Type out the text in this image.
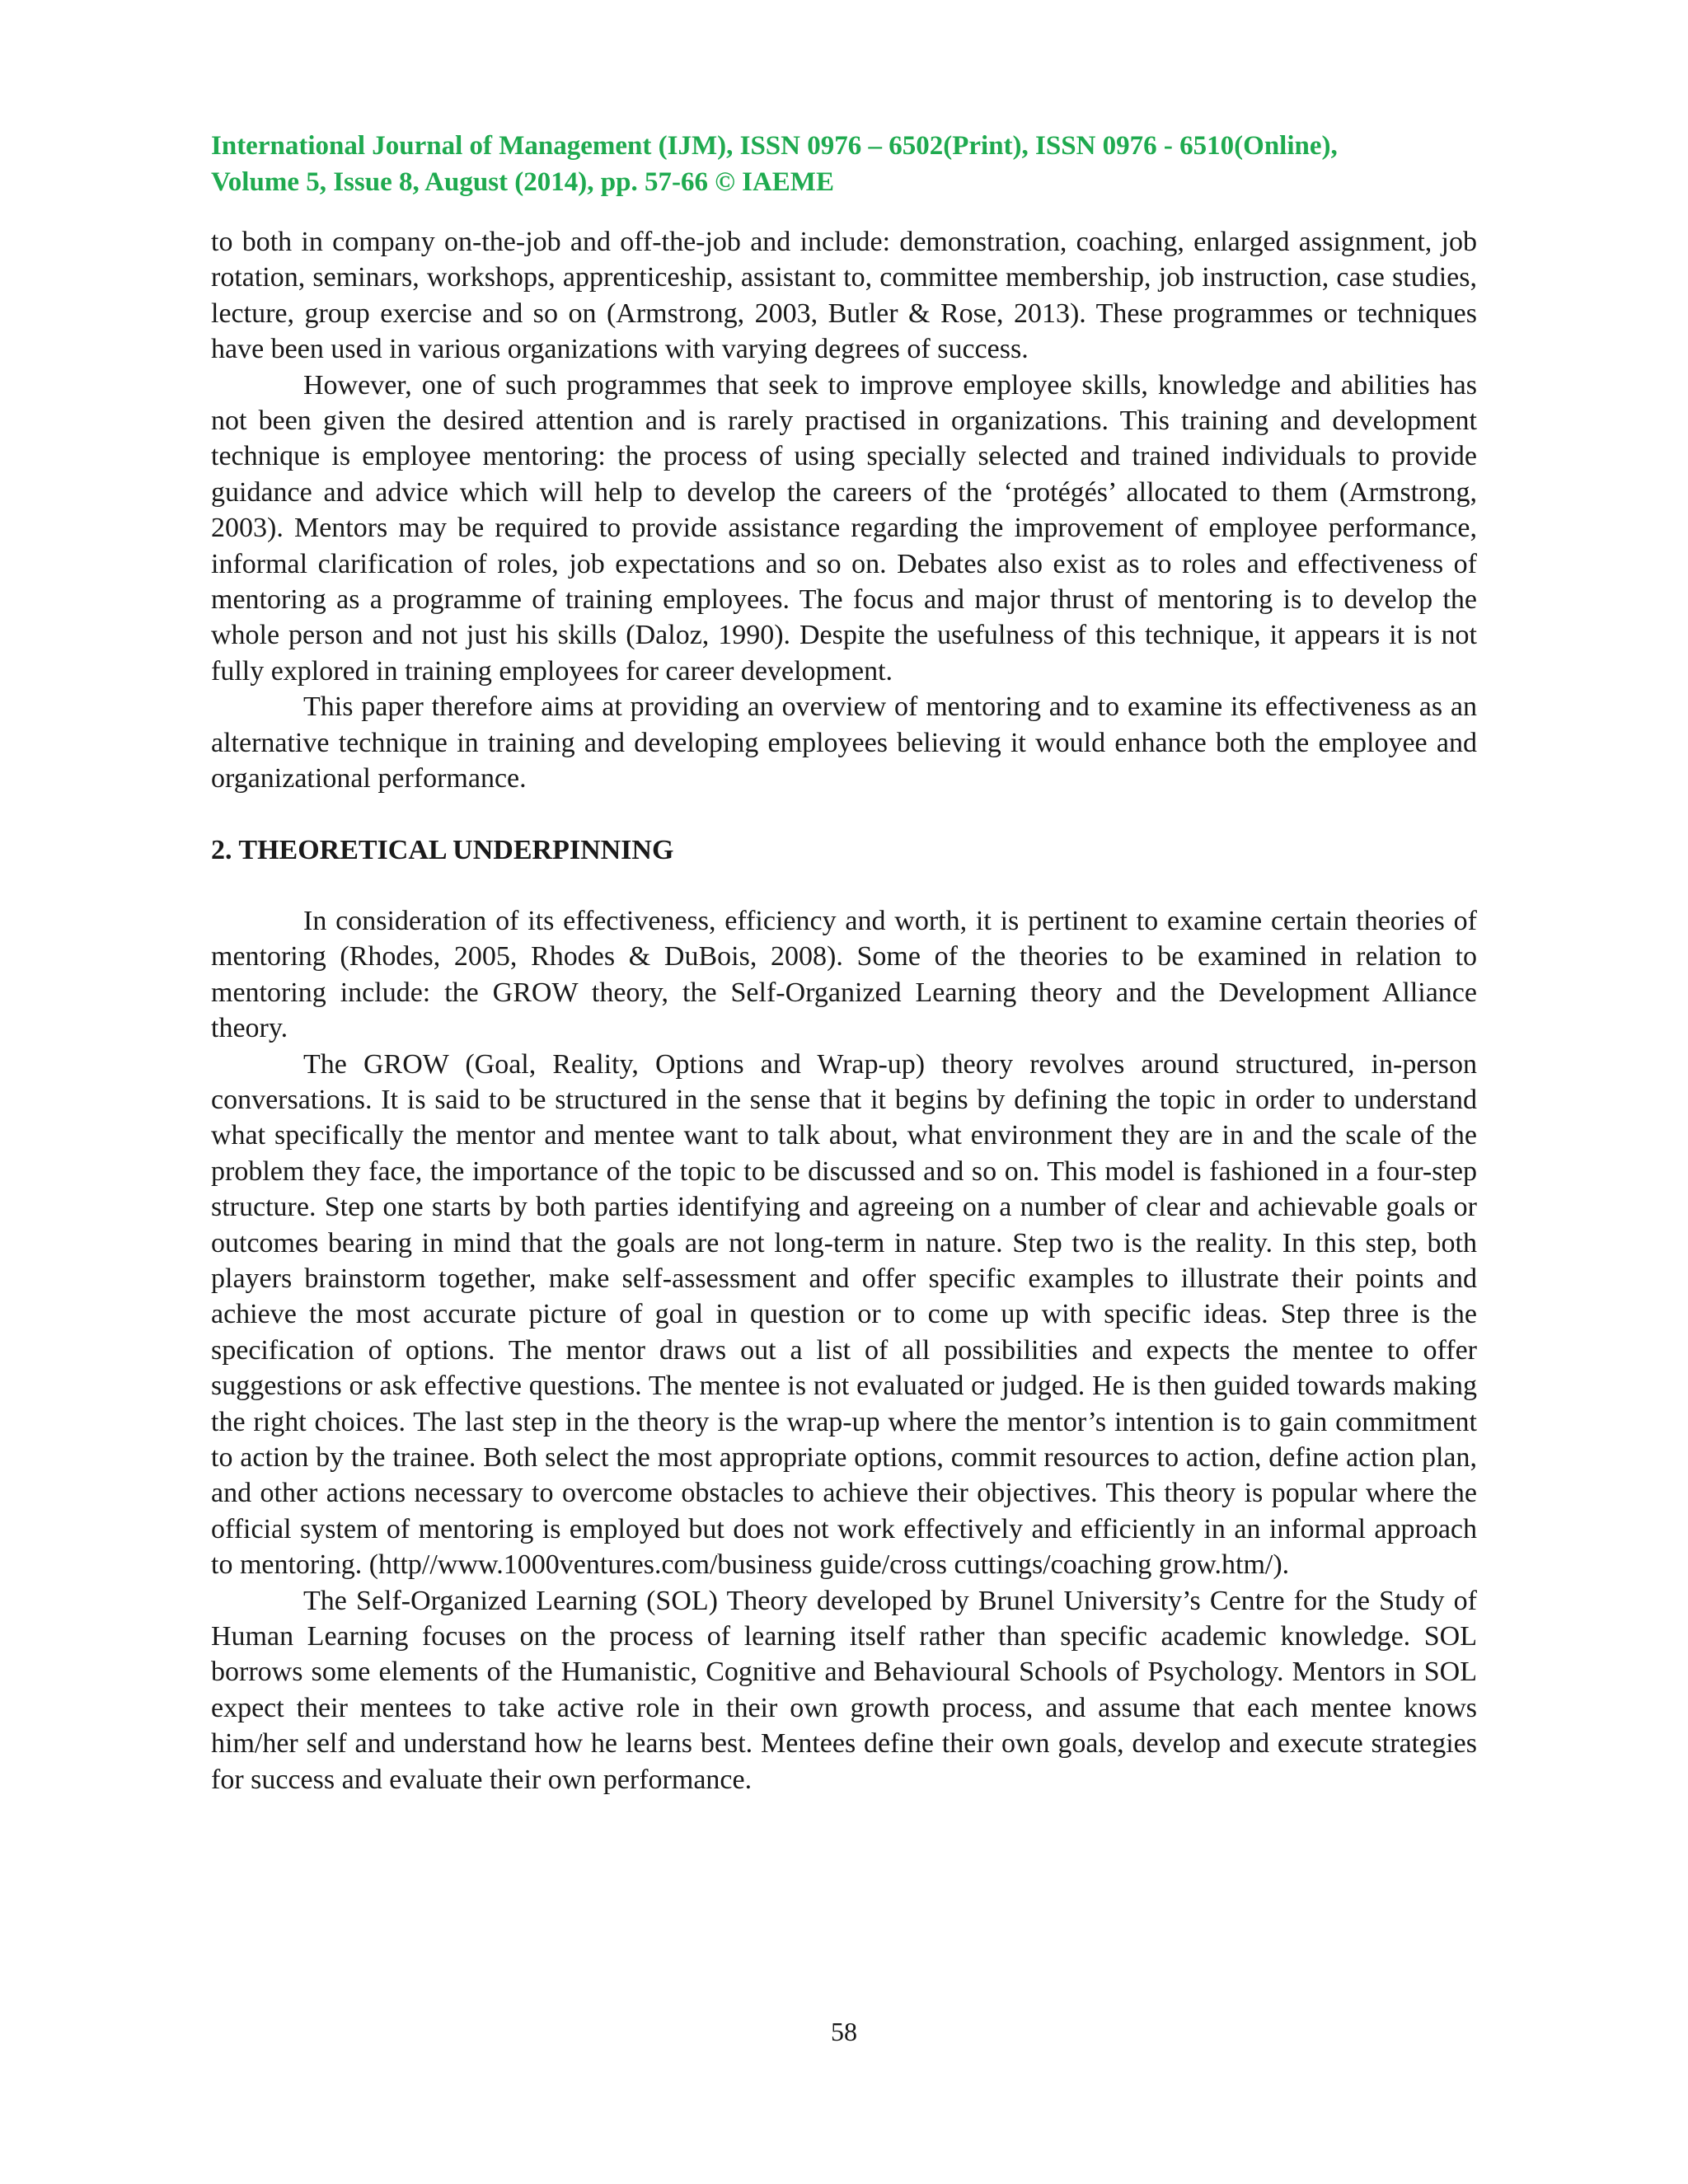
International Journal of Management (IJM), ISSN 0976 – 6502(Print), ISSN 0976 - 6510(Online),
Volume 5, Issue 8, August (2014), pp. 57-66 © IAEME

to both in company on-the-job and off-the-job and include: demonstration, coaching, enlarged assignment, job rotation, seminars, workshops, apprenticeship, assistant to, committee membership, job instruction, case studies, lecture, group exercise and so on (Armstrong, 2003, Butler & Rose, 2013). These programmes or techniques have been used in various organizations with varying degrees of success.

However, one of such programmes that seek to improve employee skills, knowledge and abilities has not been given the desired attention and is rarely practised in organizations. This training and development technique is employee mentoring: the process of using specially selected and trained individuals to provide guidance and advice which will help to develop the careers of the ‘protégés’ allocated to them (Armstrong, 2003). Mentors may be required to provide assistance regarding the improvement of employee performance, informal clarification of roles, job expectations and so on. Debates also exist as to roles and effectiveness of mentoring as a programme of training employees. The focus and major thrust of mentoring is to develop the whole person and not just his skills (Daloz, 1990). Despite the usefulness of this technique, it appears it is not fully explored in training employees for career development.

This paper therefore aims at providing an overview of mentoring and to examine its effectiveness as an alternative technique in training and developing employees believing it would enhance both the employee and organizational performance.

2. THEORETICAL UNDERPINNING

In consideration of its effectiveness, efficiency and worth, it is pertinent to examine certain theories of mentoring (Rhodes, 2005, Rhodes & DuBois, 2008). Some of the theories to be examined in relation to mentoring include: the GROW theory, the Self-Organized Learning theory and the Development Alliance theory.

The GROW (Goal, Reality, Options and Wrap-up) theory revolves around structured, in-person conversations. It is said to be structured in the sense that it begins by defining the topic in order to understand what specifically the mentor and mentee want to talk about, what environment they are in and the scale of the problem they face, the importance of the topic to be discussed and so on. This model is fashioned in a four-step structure. Step one starts by both parties identifying and agreeing on a number of clear and achievable goals or outcomes bearing in mind that the goals are not long-term in nature. Step two is the reality. In this step, both players brainstorm together, make self-assessment and offer specific examples to illustrate their points and achieve the most accurate picture of goal in question or to come up with specific ideas. Step three is the specification of options. The mentor draws out a list of all possibilities and expects the mentee to offer suggestions or ask effective questions. The mentee is not evaluated or judged. He is then guided towards making the right choices. The last step in the theory is the wrap-up where the mentor’s intention is to gain commitment to action by the trainee. Both select the most appropriate options, commit resources to action, define action plan, and other actions necessary to overcome obstacles to achieve their objectives. This theory is popular where the official system of mentoring is employed but does not work effectively and efficiently in an informal approach to mentoring. (http//www.1000ventures.com/business guide/cross cuttings/coaching grow.htm/).

The Self-Organized Learning (SOL) Theory developed by Brunel University’s Centre for the Study of Human Learning focuses on the process of learning itself rather than specific academic knowledge. SOL borrows some elements of the Humanistic, Cognitive and Behavioural Schools of Psychology. Mentors in SOL expect their mentees to take active role in their own growth process, and assume that each mentee knows him/her self and understand how he learns best. Mentees define their own goals, develop and execute strategies for success and evaluate their own performance.

58
